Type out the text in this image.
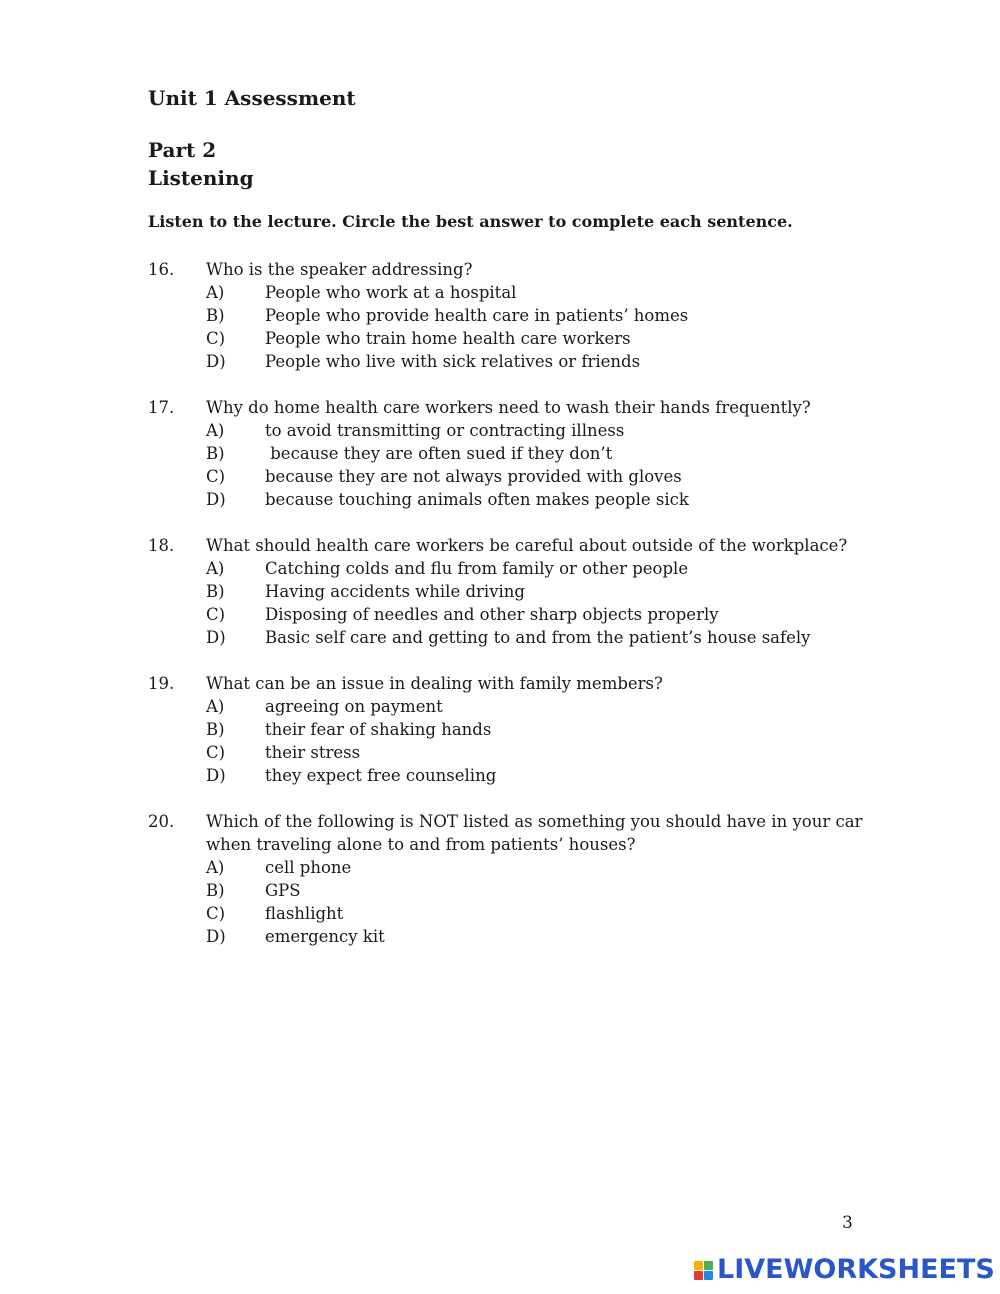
Unit 1 Assessment
Part 2
Listening

Listen to the lecture. Circle the best answer to complete each sentence.

16.	Who is the speaker addressing?
A)	People who work at a hospital
B)	People who provide health care in patients’ homes
C)	People who train home health care workers
D)	People who live with sick relatives or friends
17.	Why do home health care workers need to wash their hands frequently?
A)	to avoid transmitting or contracting illness
B)	because they are often sued if they don’t
C)	because they are not always provided with gloves
D)	because touching animals often makes people sick
18.	What should health care workers be careful about outside of the workplace?
A)	Catching colds and flu from family or other people
B)	Having accidents while driving
C)	Disposing of needles and other sharp objects properly
D)	Basic self care and getting to and from the patient’s house safely
19.	What can be an issue in dealing with family members?
A)	agreeing on payment
B)	their fear of shaking hands
C)	their stress
D)	they expect free counseling
20.	Which of the following is NOT listed as something you should have in your car when traveling alone to and from patients’ houses?
A)	cell phone
B)	GPS
C)	flashlight
D)	emergency kit

3

LIVEWORKSHEETS
